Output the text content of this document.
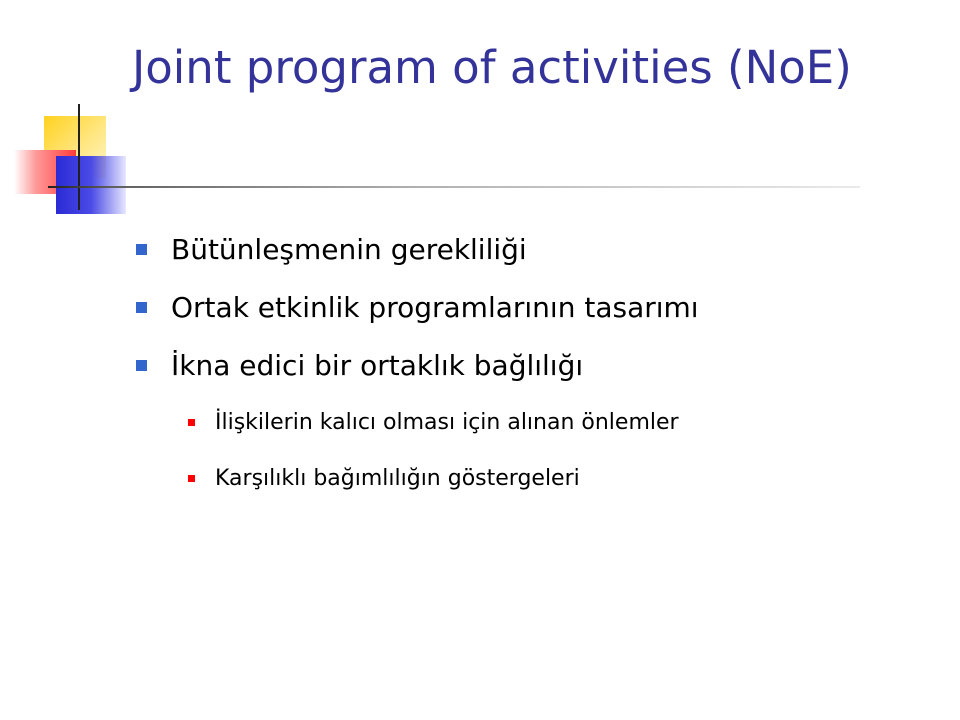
Joint program of activities (NoE)
Bütünleşmenin gerekliliği
Ortak etkinlik programlarının tasarımı
İkna edici bir ortaklık bağlılığı
İlişkilerin kalıcı olması için alınan önlemler
Karşılıklı bağımlılığın göstergeleri
